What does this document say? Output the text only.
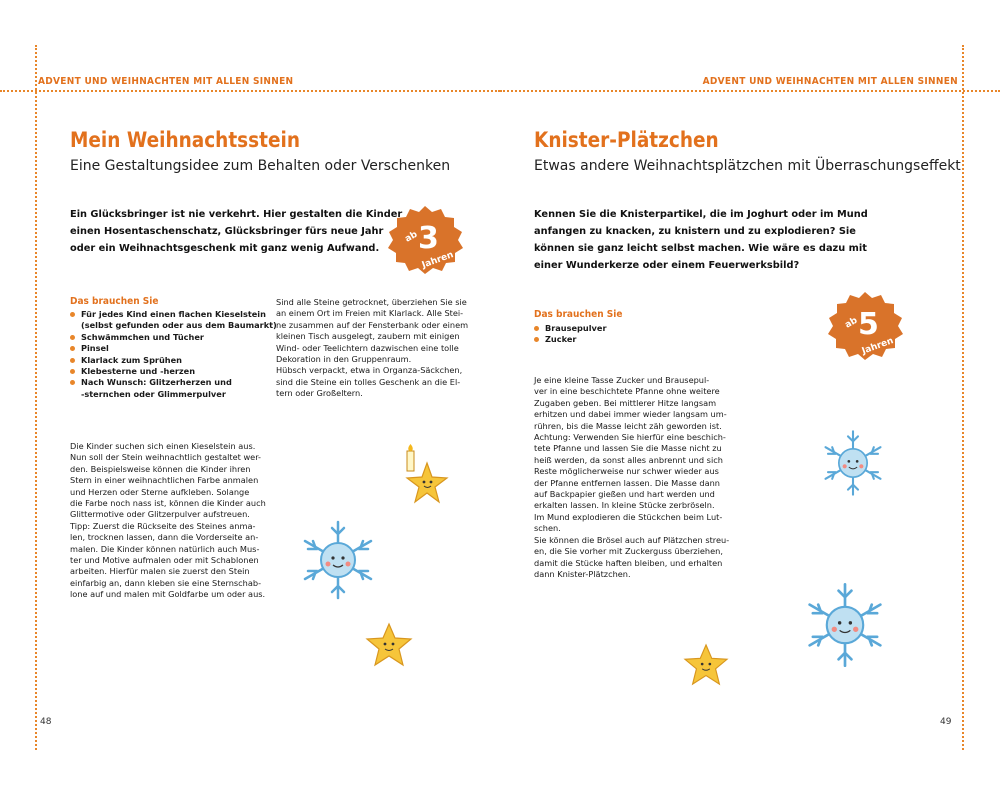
ADVENT UND WEIHNACHTEN MIT ALLEN SINNEN	ADVENT UND WEIHNACHTEN MIT ALLEN SINNEN
Mein Weihnachtsstein
Eine Gestaltungsidee zum Behalten oder Verschenken
Ein Glücksbringer ist nie verkehrt. Hier gestalten die Kinder
einen Hosentaschenschatz, Glücksbringer fürs neue Jahr
oder ein Weihnachtsgeschenk mit ganz wenig Aufwand.
ab
3
Jahren
Das brauchen Sie
Für jedes Kind einen flachen Kieselstein
(selbst gefunden oder aus dem Baumarkt)
Schwämmchen und Tücher
Pinsel
Klarlack zum Sprühen
Klebesterne und -herzen
Nach Wunsch: Glitzerherzen und
-sternchen oder Glimmerpulver
Sind alle Steine getrocknet, überziehen Sie sie
an einem Ort im Freien mit Klarlack. Alle Stei-
ne zusammen auf der Fensterbank oder einem
kleinen Tisch ausgelegt, zaubern mit einigen
Wind- oder Teelichtern dazwischen eine tolle
Dekoration in den Gruppenraum.
Hübsch verpackt, etwa in Organza-Säckchen,
sind die Steine ein tolles Geschenk an die El-
tern oder Großeltern.
Die Kinder suchen sich einen Kieselstein aus.
Nun soll der Stein weihnachtlich gestaltet wer-
den. Beispielsweise können die Kinder ihren
Stern in einer weihnachtlichen Farbe anmalen
und Herzen oder Sterne aufkleben. Solange
die Farbe noch nass ist, können die Kinder auch
Glittermotive oder Glitzerpulver aufstreuen.
Tipp: Zuerst die Rückseite des Steines anma-
len, trocknen lassen, dann die Vorderseite an-
malen. Die Kinder können natürlich auch Mus-
ter und Motive aufmalen oder mit Schablonen
arbeiten. Hierfür malen sie zuerst den Stein
einfarbig an, dann kleben sie eine Sternschab-
lone auf und malen mit Goldfarbe um oder aus.
48
Knister-Plätzchen
Etwas andere Weihnachtsplätzchen mit Überraschungseffekt
Kennen Sie die Knisterpartikel, die im Joghurt oder im Mund
anfangen zu knacken, zu knistern und zu explodieren? Sie
können sie ganz leicht selbst machen. Wie wäre es dazu mit
einer Wunderkerze oder einem Feuerwerksbild?
ab
5
Jahren
Das brauchen Sie
Brausepulver
Zucker
Je eine kleine Tasse Zucker und Brausepul-
ver in eine beschichtete Pfanne ohne weitere
Zugaben geben. Bei mittlerer Hitze langsam
erhitzen und dabei immer wieder langsam um-
rühren, bis die Masse leicht zäh geworden ist.
Achtung: Verwenden Sie hierfür eine beschich-
tete Pfanne und lassen Sie die Masse nicht zu
heiß werden, da sonst alles anbrennt und sich
Reste möglicherweise nur schwer wieder aus
der Pfanne entfernen lassen. Die Masse dann
auf Backpapier gießen und hart werden und
erkalten lassen. In kleine Stücke zerbröseln.
Im Mund explodieren die Stückchen beim Lut-
schen.
Sie können die Brösel auch auf Plätzchen streu-
en, die Sie vorher mit Zuckerguss überziehen,
damit die Stücke haften bleiben, und erhalten
dann Knister-Plätzchen.
49
